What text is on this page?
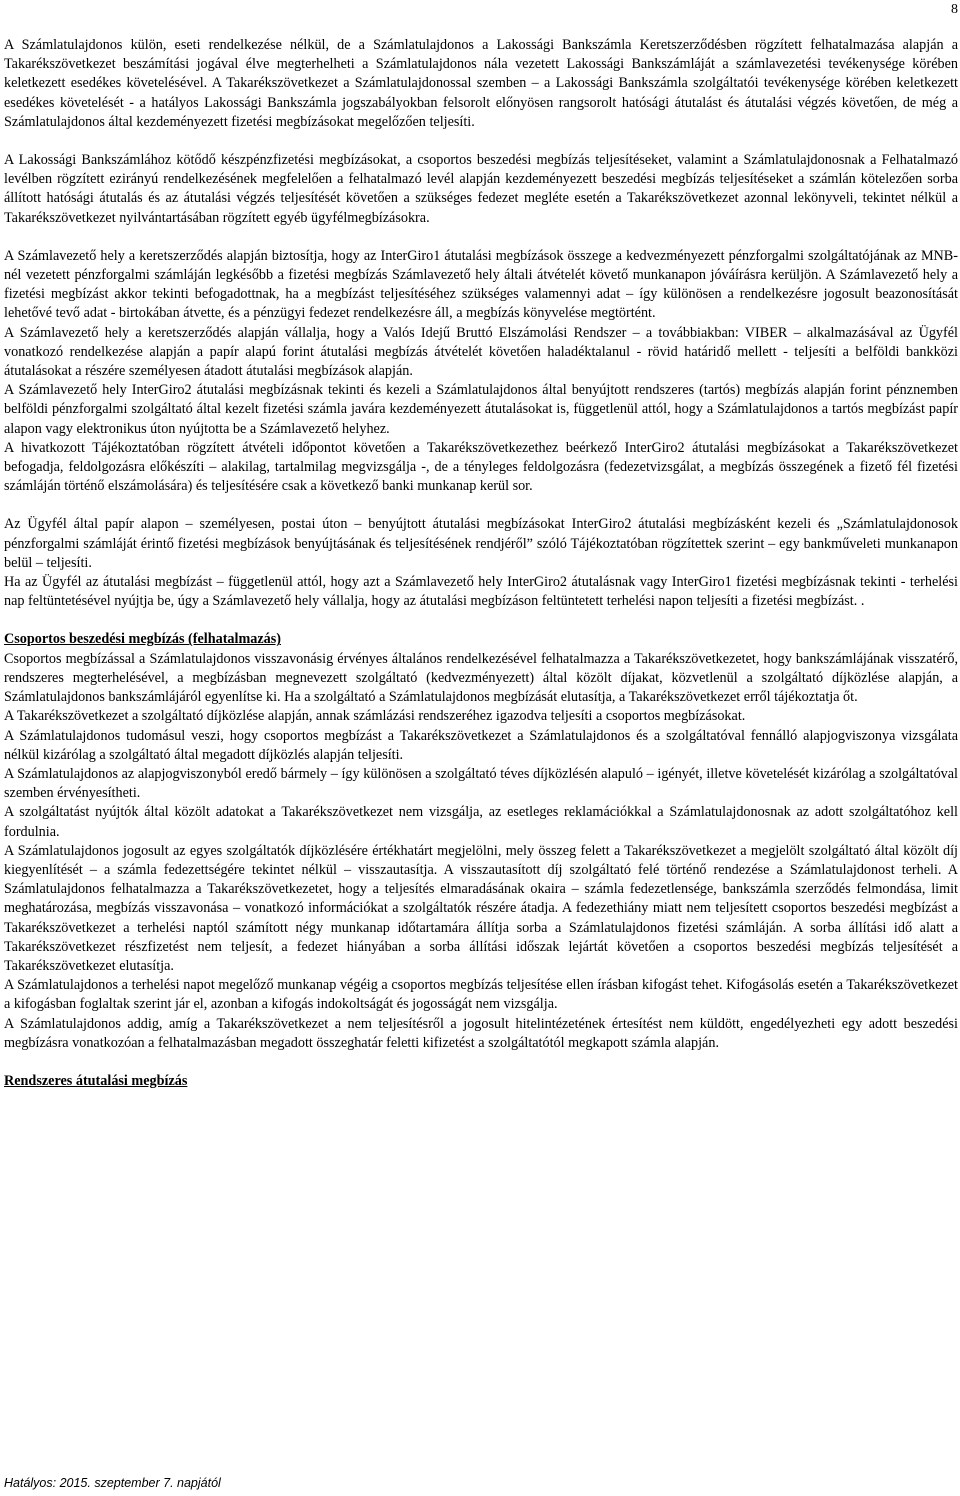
8

A Számlatulajdonos külön, eseti rendelkezése nélkül, de a Számlatulajdonos a Lakossági Bankszámla Keretszerződésben rögzített felhatalmazása alapján a Takarékszövetkezet beszámítási jogával élve megterhelheti a Számlatulajdonos nála vezetett Lakossági Bankszámláját a számlavezetési tevékenysége körében keletkezett esedékes követelésével. A Takarékszövetkezet a Számlatulajdonossal szemben – a Lakossági Bankszámla szolgáltatói tevékenysége körében keletkezett esedékes követelését - a hatályos Lakossági Bankszámla jogszabályokban felsorolt előnyösen rangsorolt hatósági átutalást és átutalási végzés követően, de még a Számlatulajdonos által kezdeményezett fizetési megbízásokat megelőzően teljesíti.

A Lakossági Bankszámlához kötődő készpénzfizetési megbízásokat, a csoportos beszedési megbízás teljesítéseket, valamint a Számlatulajdonosnak a Felhatalmazó levélben rögzített ezirányú rendelkezésének megfelelően a felhatalmazó levél alapján kezdeményezett beszedési megbízás teljesítéseket a számlán kötelezően sorba állított hatósági átutalás és az átutalási végzés teljesítését követően a szükséges fedezet megléte esetén a Takarékszövetkezet azonnal lekönyveli, tekintet nélkül a Takarékszövetkezet nyilvántartásában rögzített egyéb ügyfélmegbízásokra.

A Számlavezető hely a keretszerződés alapján biztosítja, hogy az InterGiro1 átutalási megbízások összege a kedvezményezett pénzforgalmi szolgáltatójának az MNB-nél vezetett pénzforgalmi számláján legkésőbb a fizetési megbízás Számlavezető hely általi átvételét követő munkanapon jóváírásra kerüljön. A Számlavezető hely a fizetési megbízást akkor tekinti befogadottnak, ha a megbízást teljesítéséhez szükséges valamennyi adat – így különösen a rendelkezésre jogosult beazonosítását lehetővé tevő adat - birtokában átvette, és a pénzügyi fedezet rendelkezésre áll, a megbízás könyvelése megtörtént.

A Számlavezető hely a keretszerződés alapján vállalja, hogy a Valós Idejű Bruttó Elszámolási Rendszer – a továbbiakban: VIBER – alkalmazásával az Ügyfél vonatkozó rendelkezése alapján a papír alapú forint átutalási megbízás átvételét követően haladéktalanul - rövid határidő mellett - teljesíti a belföldi bankközi átutalásokat a részére személyesen átadott átutalási megbízások alapján.

A Számlavezető hely InterGiro2 átutalási megbízásnak tekinti és kezeli a Számlatulajdonos által benyújtott rendszeres (tartós) megbízás alapján forint pénznemben belföldi pénzforgalmi szolgáltató által kezelt fizetési számla javára kezdeményezett átutalásokat is, függetlenül attól, hogy a Számlatulajdonos a tartós megbízást papír alapon vagy elektronikus úton nyújtotta be a Számlavezető helyhez.

A hivatkozott Tájékoztatóban rögzített átvételi időpontot követően a Takarékszövetkezethez beérkező InterGiro2 átutalási megbízásokat a Takarékszövetkezet befogadja, feldolgozásra előkészíti – alakilag, tartalmilag megvizsgálja -, de a tényleges feldolgozásra (fedezetvizsgálat, a megbízás összegének a fizető fél fizetési számláján történő elszámolására) és teljesítésére csak a következő banki munkanap kerül sor.

Az Ügyfél által papír alapon – személyesen, postai úton – benyújtott átutalási megbízásokat InterGiro2 átutalási megbízásként kezeli és „Számlatulajdonosok pénzforgalmi számláját érintő fizetési megbízások benyújtásának és teljesítésének rendjéről” szóló Tájékoztatóban rögzítettek szerint – egy bankműveleti munkanapon belül – teljesíti.

Ha az Ügyfél az átutalási megbízást – függetlenül attól, hogy azt a Számlavezető hely InterGiro2 átutalásnak vagy InterGiro1 fizetési megbízásnak tekinti - terhelési nap feltüntetésével nyújtja be, úgy a Számlavezető hely vállalja, hogy az átutalási megbízáson feltüntetett terhelési napon teljesíti a fizetési megbízást. .

Csoportos beszedési megbízás (felhatalmazás)

Csoportos megbízással a Számlatulajdonos visszavonásig érvényes általános rendelkezésével felhatalmazza a Takarékszövetkezetet, hogy bankszámlájának visszatérő, rendszeres megterhelésével, a megbízásban megnevezett szolgáltató (kedvezményezett) által közölt díjakat, közvetlenül a szolgáltató díjközlése alapján, a Számlatulajdonos bankszámlájáról egyenlítse ki. Ha a szolgáltató a Számlatulajdonos megbízását elutasítja, a Takarékszövetkezet erről tájékoztatja őt.

A Takarékszövetkezet a szolgáltató díjközlése alapján, annak számlázási rendszeréhez igazodva teljesíti a csoportos megbízásokat.

A Számlatulajdonos tudomásul veszi, hogy csoportos megbízást a Takarékszövetkezet a Számlatulajdonos és a szolgáltatóval fennálló alapjogviszonya vizsgálata nélkül kizárólag a szolgáltató által megadott díjközlés alapján teljesíti.

A Számlatulajdonos az alapjogviszonyból eredő bármely – így különösen a szolgáltató téves díjközlésén alapuló – igényét, illetve követelését kizárólag a szolgáltatóval szemben érvényesítheti.

A szolgáltatást nyújtók által közölt adatokat a Takarékszövetkezet nem vizsgálja, az esetleges reklamációkkal a Számlatulajdonosnak az adott szolgáltatóhoz kell fordulnia.

A Számlatulajdonos jogosult az egyes szolgáltatók díjközlésére értékhatárt megjelölni, mely összeg felett a Takarékszövetkezet a megjelölt szolgáltató által közölt díj kiegyenlítését – a számla fedezettségére tekintet nélkül – visszautasítja. A visszautasított díj szolgáltató felé történő rendezése a Számlatulajdonost terheli. A Számlatulajdonos felhatalmazza a Takarékszövetkezetet, hogy a teljesítés elmaradásának okaira – számla fedezetlensége, bankszámla szerződés felmondása, limit meghatározása, megbízás visszavonása – vonatkozó információkat a szolgáltatók részére átadja. A fedezethiány miatt nem teljesített csoportos beszedési megbízást a Takarékszövetkezet a terhelési naptól számított négy munkanap időtartamára állítja sorba a Számlatulajdonos fizetési számláján. A sorba állítási idő alatt a Takarékszövetkezet részfizetést nem teljesít, a fedezet hiányában a sorba állítási időszak lejártát követően a csoportos beszedési megbízás teljesítését a Takarékszövetkezet elutasítja.

A Számlatulajdonos a terhelési napot megelőző munkanap végéig a csoportos megbízás teljesítése ellen írásban kifogást tehet. Kifogásolás esetén a Takarékszövetkezet a kifogásban foglaltak szerint jár el, azonban a kifogás indokoltságát és jogosságát nem vizsgálja.

A Számlatulajdonos addig, amíg a Takarékszövetkezet a nem teljesítésről a jogosult hitelintézetének értesítést nem küldött, engedélyezheti egy adott beszedési megbízásra vonatkozóan a felhatalmazásban megadott összeghatár feletti kifizetést a szolgáltatótól megkapott számla alapján.

Rendszeres átutalási megbízás
Hatályos: 2015. szeptember 7. napjától
